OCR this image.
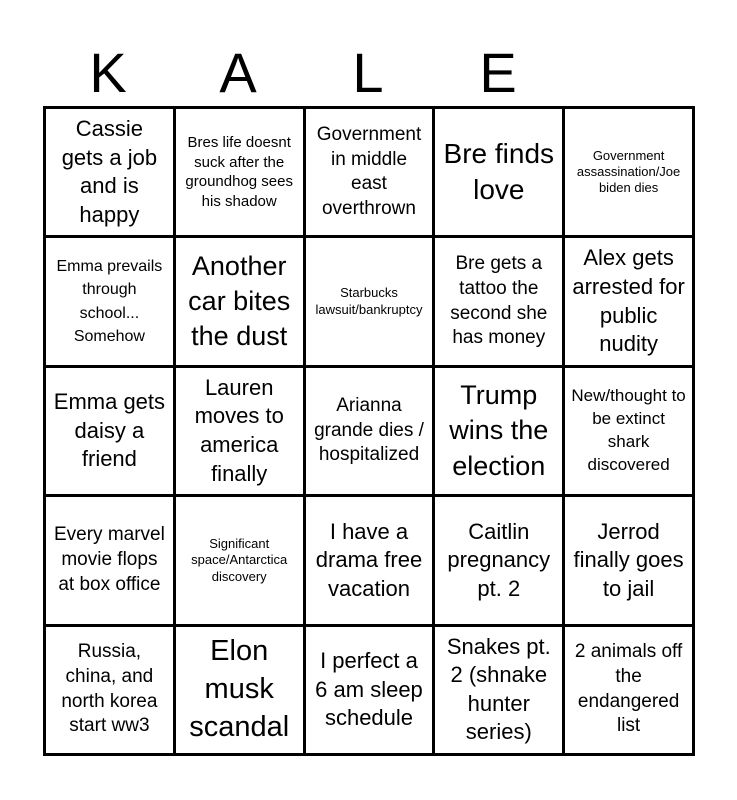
K	A	L	E
Cassie gets a job and is happy
Bres life doesnt suck after the groundhog sees his shadow
Government in middle east overthrown
Bre finds love
Government assassination/Joe biden dies
Emma prevails through school... Somehow
Another car bites the dust
Starbucks lawsuit/bankruptcy
Bre gets a tattoo the second she has money
Alex gets arrested for public nudity
Emma gets daisy a friend
Lauren moves to america finally
Arianna grande dies / hospitalized
Trump wins the election
New/thought to be extinct shark discovered
Every marvel movie flops at box office
Significant space/Antarctica discovery
I have a drama free vacation
Caitlin pregnancy pt. 2
Jerrod finally goes to jail
Russia, china, and north korea start ww3
Elon musk scandal
I perfect a 6 am sleep schedule
Snakes pt. 2 (shnake hunter series)
2 animals off the endangered list
